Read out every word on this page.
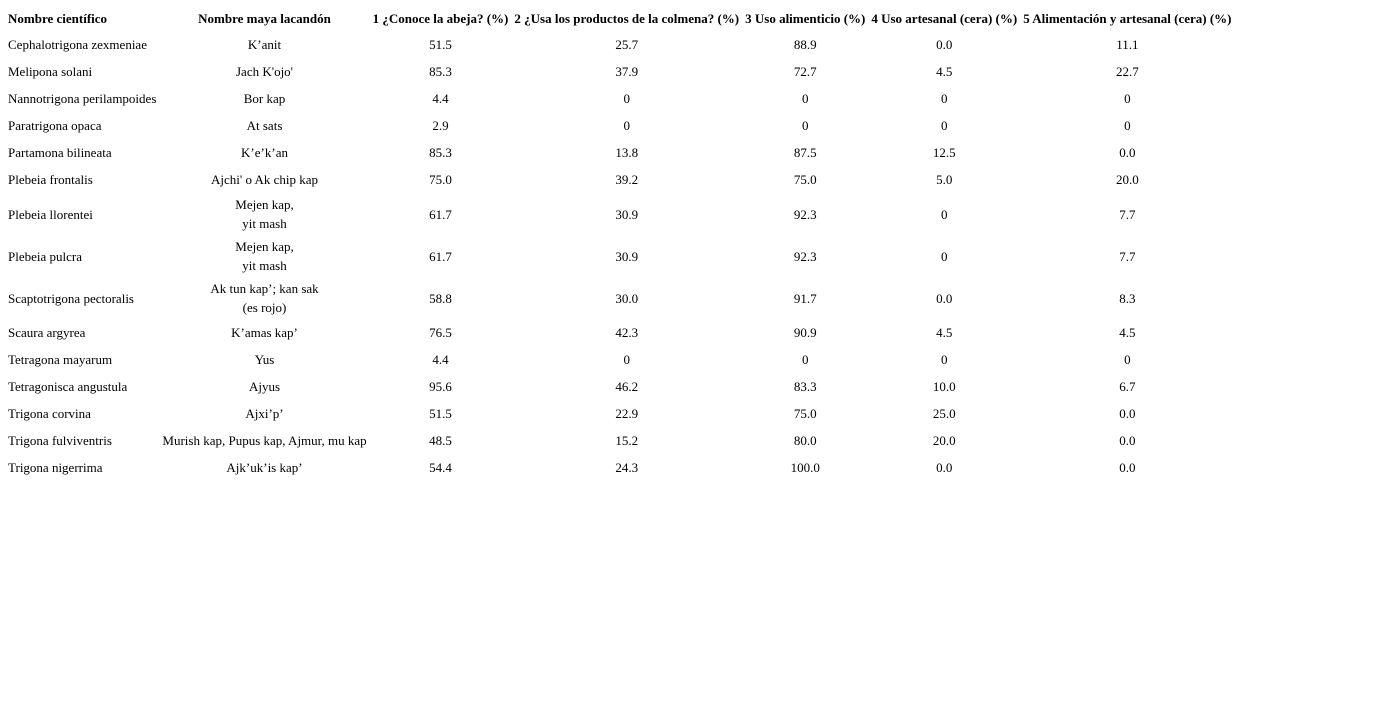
Nombre científico	Nombre maya lacandón	1 ¿Conoce la abeja? (%)	2 ¿Usa los productos de la colmena? (%)	3 Uso alimenticio (%)	4 Uso artesanal (cera) (%)	5 Alimentación y artesanal (cera) (%)
Cephalotrigona zexmeniae	K’anit	51.5	25.7	88.9	0.0	11.1
Melipona solani	Jach K'ojo'	85.3	37.9	72.7	4.5	22.7
Nannotrigona perilampoides	Bor kap	4.4	0	0	0	0
Paratrigona opaca	At sats	2.9	0	0	0	0
Partamona bilineata	K’e’k’an	85.3	13.8	87.5	12.5	0.0
Plebeia frontalis	Ajchi' o Ak chip kap	75.0	39.2	75.0	5.0	20.0
Plebeia llorentei	Mejen kap,
yit mash	61.7	30.9	92.3	0	7.7
Plebeia pulcra	Mejen kap,
yit mash	61.7	30.9	92.3	0	7.7
Scaptotrigona pectoralis	Ak tun kap’; kan sak
(es rojo)	58.8	30.0	91.7	0.0	8.3
Scaura argyrea	K’amas kap’	76.5	42.3	90.9	4.5	4.5
Tetragona mayarum	Yus	4.4	0	0	0	0
Tetragonisca angustula	Ajyus	95.6	46.2	83.3	10.0	6.7
Trigona corvina	Ajxi’p’	51.5	22.9	75.0	25.0	0.0
Trigona fulviventris	Murish kap, Pupus kap, Ajmur, mu kap	48.5	15.2	80.0	20.0	0.0
Trigona nigerrima	Ajk’uk’is kap’	54.4	24.3	100.0	0.0	0.0
